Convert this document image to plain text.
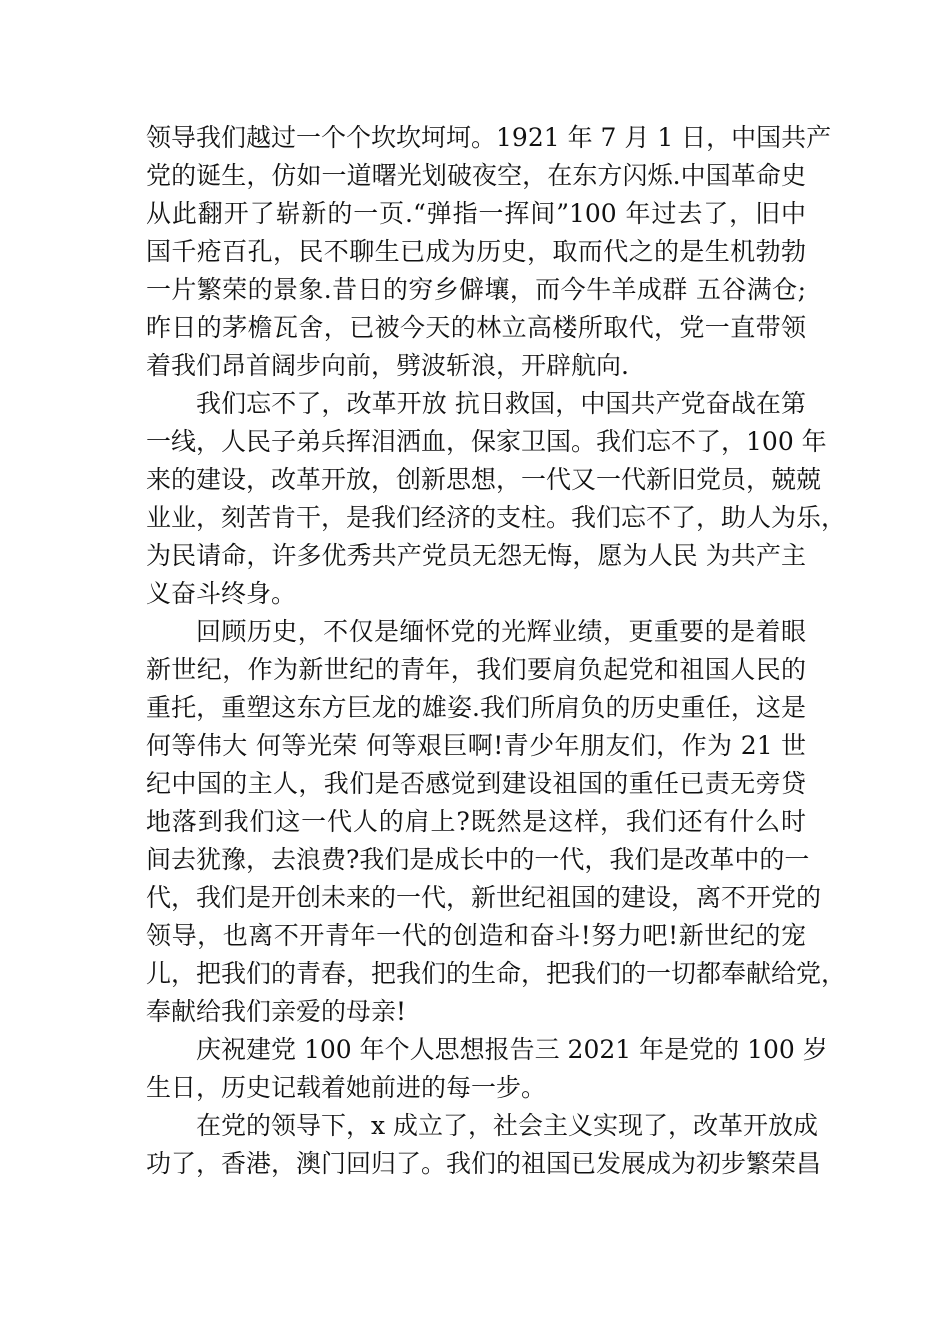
领导我们越过一个个坎坎坷坷。1921 年 7 月 1 日，中国共产
党的诞生，仿如一道曙光划破夜空，在东方闪烁.中国革命史
从此翻开了崭新的一页.“弹指一挥间”100 年过去了，旧中
国千疮百孔，民不聊生已成为历史，取而代之的是生机勃勃
一片繁荣的景象.昔日的穷乡僻壤，而今牛羊成群 五谷满仓;
昨日的茅檐瓦舍，已被今天的林立高楼所取代，党一直带领
着我们昂首阔步向前，劈波斩浪，开辟航向.
我们忘不了，改革开放 抗日救国，中国共产党奋战在第
一线，人民子弟兵挥泪洒血，保家卫国。我们忘不了，100 年
来的建设，改革开放，创新思想，一代又一代新旧党员，兢兢
业业，刻苦肯干，是我们经济的支柱。我们忘不了，助人为乐，
为民请命，许多优秀共产党员无怨无悔，愿为人民 为共产主
义奋斗终身。
回顾历史，不仅是缅怀党的光辉业绩，更重要的是着眼
新世纪，作为新世纪的青年，我们要肩负起党和祖国人民的
重托，重塑这东方巨龙的雄姿.我们所肩负的历史重任，这是
何等伟大 何等光荣 何等艰巨啊!青少年朋友们，作为 21 世
纪中国的主人，我们是否感觉到建设祖国的重任已责无旁贷
地落到我们这一代人的肩上?既然是这样，我们还有什么时
间去犹豫，去浪费?我们是成长中的一代，我们是改革中的一
代，我们是开创未来的一代，新世纪祖国的建设，离不开党的
领导，也离不开青年一代的创造和奋斗!努力吧!新世纪的宠
儿，把我们的青春，把我们的生命，把我们的一切都奉献给党，
奉献给我们亲爱的母亲!
庆祝建党 100 年个人思想报告三 2021 年是党的 100 岁
生日，历史记载着她前进的每一步。
在党的领导下，x 成立了，社会主义实现了，改革开放成
功了，香港，澳门回归了。我们的祖国已发展成为初步繁荣昌
